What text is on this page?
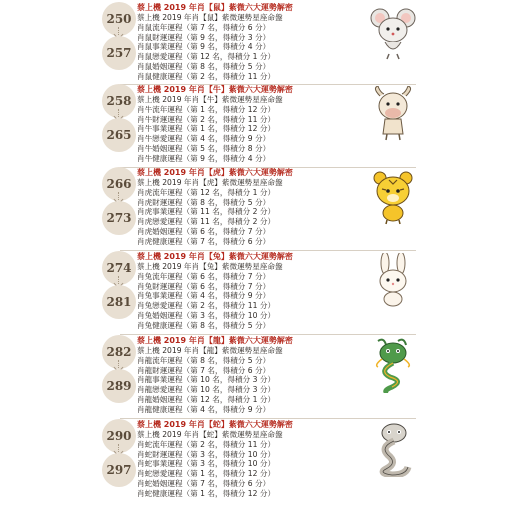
250
257
蔡上機 2019 年肖【鼠】紫微六大運勢解密
蔡上機 2019 年肖【鼠】紫微運勢星座命盤
肖鼠流年運程（第 7 名，得積分 6 分）
肖鼠財運運程（第 9 名，得積分 3 分）
肖鼠事業運程（第 9 名，得積分 4 分）
肖鼠戀愛運程（第 12 名，得積分 1 分）
肖鼠婚姻運程（第 8 名，得積分 5 分）
肖鼠健康運程（第 2 名，得積分 11 分）
258
265
蔡上機 2019 年肖【牛】紫微六大運勢解密
蔡上機 2019 年肖【牛】紫微運勢星座命盤
肖牛流年運程（第 1 名，得積分 12 分）
肖牛財運運程（第 2 名，得積分 11 分）
肖牛事業運程（第 1 名，得積分 12 分）
肖牛戀愛運程（第 4 名，得積分 9 分）
肖牛婚姻運程（第 5 名，得積分 8 分）
肖牛健康運程（第 9 名，得積分 4 分）
266
273
蔡上機 2019 年肖【虎】紫微六大運勢解密
蔡上機 2019 年肖【虎】紫微運勢星座命盤
肖虎流年運程（第 12 名，得積分 1 分）
肖虎財運運程（第 8 名，得積分 5 分）
肖虎事業運程（第 11 名，得積分 2 分）
肖虎戀愛運程（第 11 名，得積分 2 分）
肖虎婚姻運程（第 6 名，得積分 7 分）
肖虎健康運程（第 7 名，得積分 6 分）
274
281
蔡上機 2019 年肖【兔】紫微六大運勢解密
蔡上機 2019 年肖【兔】紫微運勢星座命盤
肖兔流年運程（第 6 名，得積分 7 分）
肖兔財運運程（第 6 名，得積分 7 分）
肖兔事業運程（第 4 名，得積分 9 分）
肖兔戀愛運程（第 2 名，得積分 11 分）
肖兔婚姻運程（第 3 名，得積分 10 分）
肖兔健康運程（第 8 名，得積分 5 分）
282
289
蔡上機 2019 年肖【龍】紫微六大運勢解密
蔡上機 2019 年肖【龍】紫微運勢星座命盤
肖龍流年運程（第 8 名，得積分 5 分）
肖龍財運運程（第 7 名，得積分 6 分）
肖龍事業運程（第 10 名，得積分 3 分）
肖龍戀愛運程（第 10 名，得積分 3 分）
肖龍婚姻運程（第 12 名，得積分 1 分）
肖龍健康運程（第 4 名，得積分 9 分）
290
297
蔡上機 2019 年肖【蛇】紫微六大運勢解密
蔡上機 2019 年肖【蛇】紫微運勢星座命盤
肖蛇流年運程（第 2 名，得積分 11 分）
肖蛇財運運程（第 3 名，得積分 10 分）
肖蛇事業運程（第 3 名，得積分 10 分）
肖蛇戀愛運程（第 1 名，得積分 12 分）
肖蛇婚姻運程（第 7 名，得積分 6 分）
肖蛇健康運程（第 1 名，得積分 12 分）
